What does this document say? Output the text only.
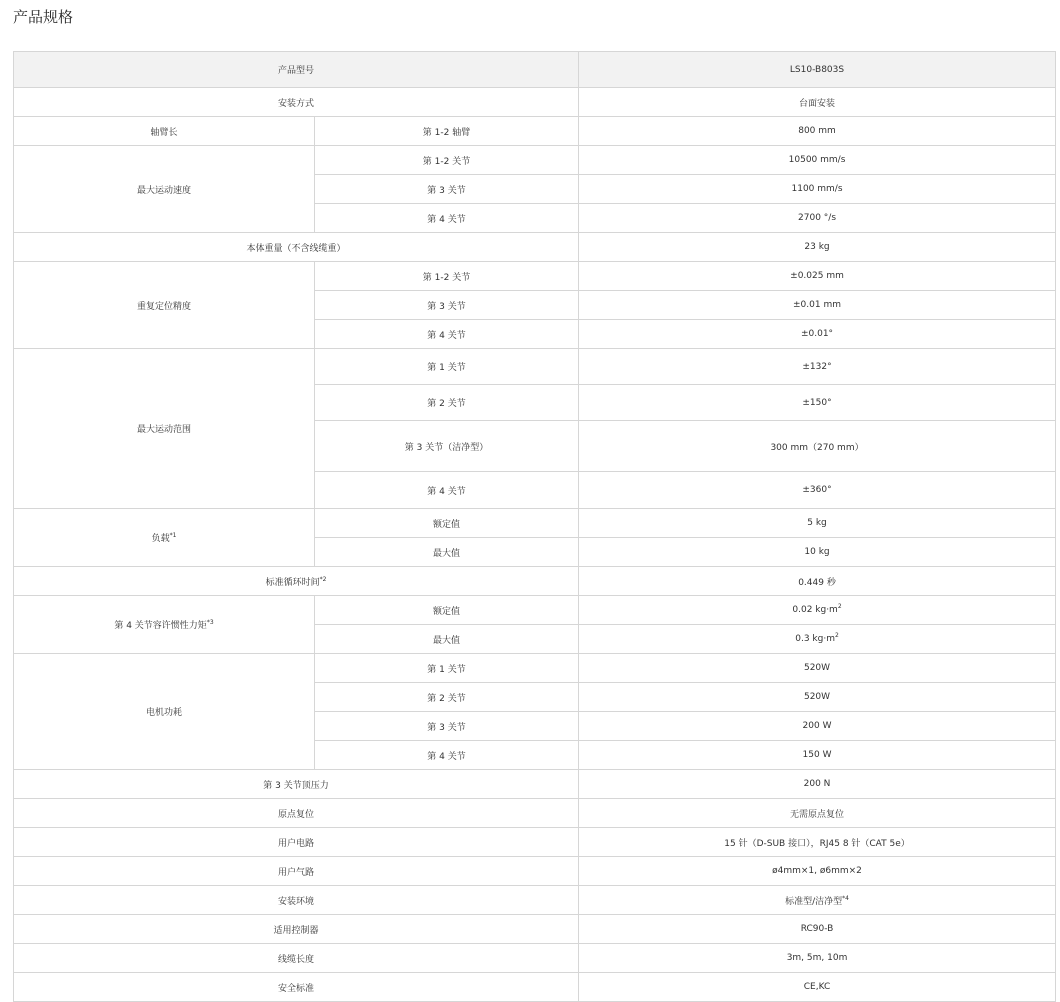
产品规格
产品型号		LS10-B803S
安装方式		台面安装
轴臂长	第 1-2 轴臂	800 mm
最大运动速度	第 1-2 关节	10500 mm/s
	第 3 关节	1100 mm/s
	第 4 关节	2700 °/s
本体重量（不含线缆重）		23 kg
重复定位精度	第 1-2 关节	±0.025 mm
	第 3 关节	±0.01 mm
	第 4 关节	±0.01°
最大运动范围	第 1 关节	±132°
	第 2 关节	±150°
	第 3 关节（洁净型）	300 mm（270 mm）
	第 4 关节	±360°
负载$^{*1}$	额定值	5 kg
	最大值	10 kg
标准循环时间$^{*2}$		0.449 秒
第 4 关节容许惯性力矩$^{*3}$	额定值	0.02 $kg\cdot m^2$
	最大值	0.3 $kg\cdot m^2$
电机功耗	第 1 关节	520W
	第 2 关节	520W
	第 3 关节	200 W
	第 4 关节	150 W
第 3 关节顶压力		200 N
原点复位		无需原点复位
用户电路		15 针（D-SUB 接口），RJ45 8 针（CAT 5e）
用户气路		ø4mm×1, ø6mm×2
安装环境		标准型/洁净型$^{*4}$
适用控制器		RC90-B
线缆长度		3m, 5m, 10m
安全标准		CE,KC
